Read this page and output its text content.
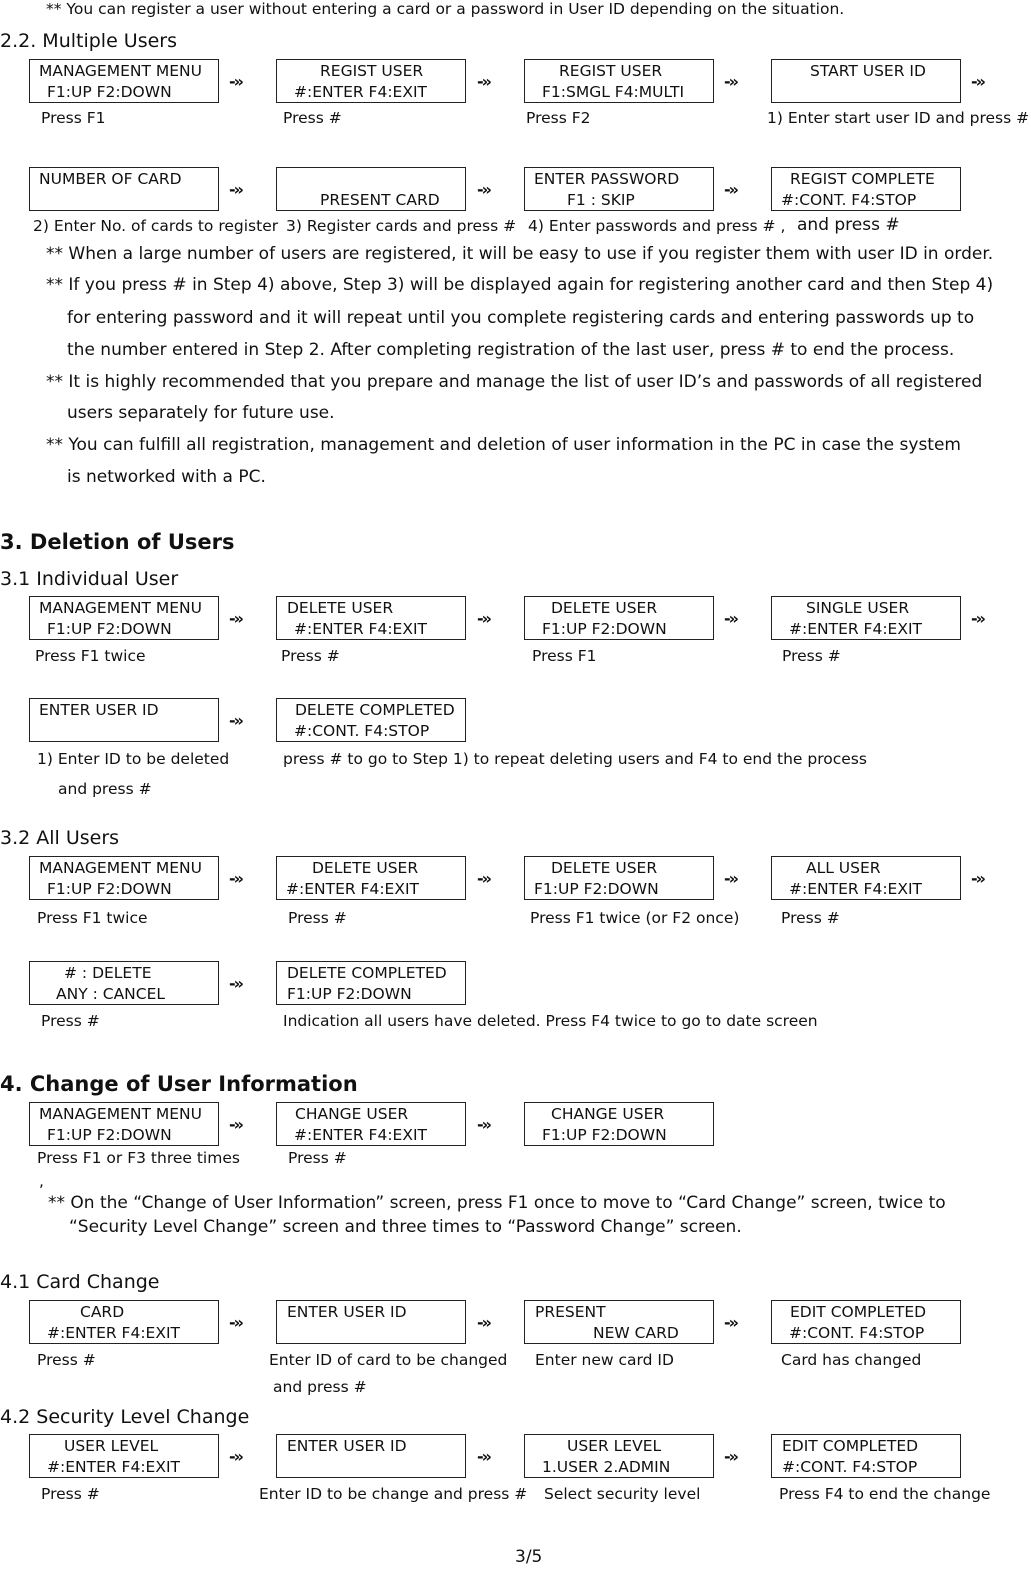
** You can register a user without entering a card or a password in User ID depending on the situation.
2.2. Multiple Users
MANAGEMENT MENU
F1:UP F2:DOWN
-»
REGIST USER
#:ENTER F4:EXIT
-»
REGIST USER
F1:SMGL F4:MULTI
-»
START USER ID
-»
Press F1	Press #	Press F2	1) Enter start user ID and press #
NUMBER OF CARD
-»
PRESENT CARD
-»
ENTER PASSWORD
F1 : SKIP
-»
REGIST COMPLETE
#:CONT. F4:STOP
2) Enter No. of cards to register 3) Register cards and press # 4) Enter passwords and press # , and press #
** When a large number of users are registered, it will be easy to use if you register them with user ID in order.
** If you press # in Step 4) above, Step 3) will be displayed again for registering another card and then Step 4)
for entering password and it will repeat until you complete registering cards and entering passwords up to
the number entered in Step 2. After completing registration of the last user, press # to end the process.
** It is highly recommended that you prepare and manage the list of user ID’s and passwords of all registered
users separately for future use.
** You can fulfill all registration, management and deletion of user information in the PC in case the system
is networked with a PC.
3. Deletion of Users
3.1 Individual User
MANAGEMENT MENU
F1:UP F2:DOWN
-»
DELETE USER
#:ENTER F4:EXIT
-»
DELETE USER
F1:UP F2:DOWN
-»
SINGLE USER
#:ENTER F4:EXIT
-»
Press F1 twice	Press #	Press F1	Press #
ENTER USER ID
-»
DELETE COMPLETED
#:CONT. F4:STOP
1) Enter ID to be deleted	press # to go to Step 1) to repeat deleting users and F4 to end the process
and press #
3.2 All Users
MANAGEMENT MENU
F1:UP F2:DOWN
-»
DELETE USER
#:ENTER F4:EXIT
-»
DELETE USER
F1:UP F2:DOWN
-»
ALL USER
#:ENTER F4:EXIT
-»
Press F1 twice	Press #	Press F1 twice (or F2 once)	Press #
# : DELETE
ANY : CANCEL
-»
DELETE COMPLETED
F1:UP F2:DOWN
Press #	Indication all users have deleted. Press F4 twice to go to date screen
4. Change of User Information
MANAGEMENT MENU
F1:UP F2:DOWN
-»
CHANGE USER
#:ENTER F4:EXIT
-»
CHANGE USER
F1:UP F2:DOWN
Press F1 or F3 three times	Press #
,
** On the “Change of User Information” screen, press F1 once to move to “Card Change” screen, twice to
“Security Level Change” screen and three times to “Password Change” screen.
4.1 Card Change
CARD
#:ENTER F4:EXIT
-»
ENTER USER ID
-»
PRESENT
NEW CARD
-»
EDIT COMPLETED
#:CONT. F4:STOP
Press #	Enter ID of card to be changed Enter new card ID	Card has changed
and press #
4.2 Security Level Change
USER LEVEL
#:ENTER F4:EXIT
-»
ENTER USER ID
-»
USER LEVEL
1.USER 2.ADMIN
-»
EDIT COMPLETED
#:CONT. F4:STOP
Press #	Enter ID to be change and press # Select security level	Press F4 to end the change
3/5
